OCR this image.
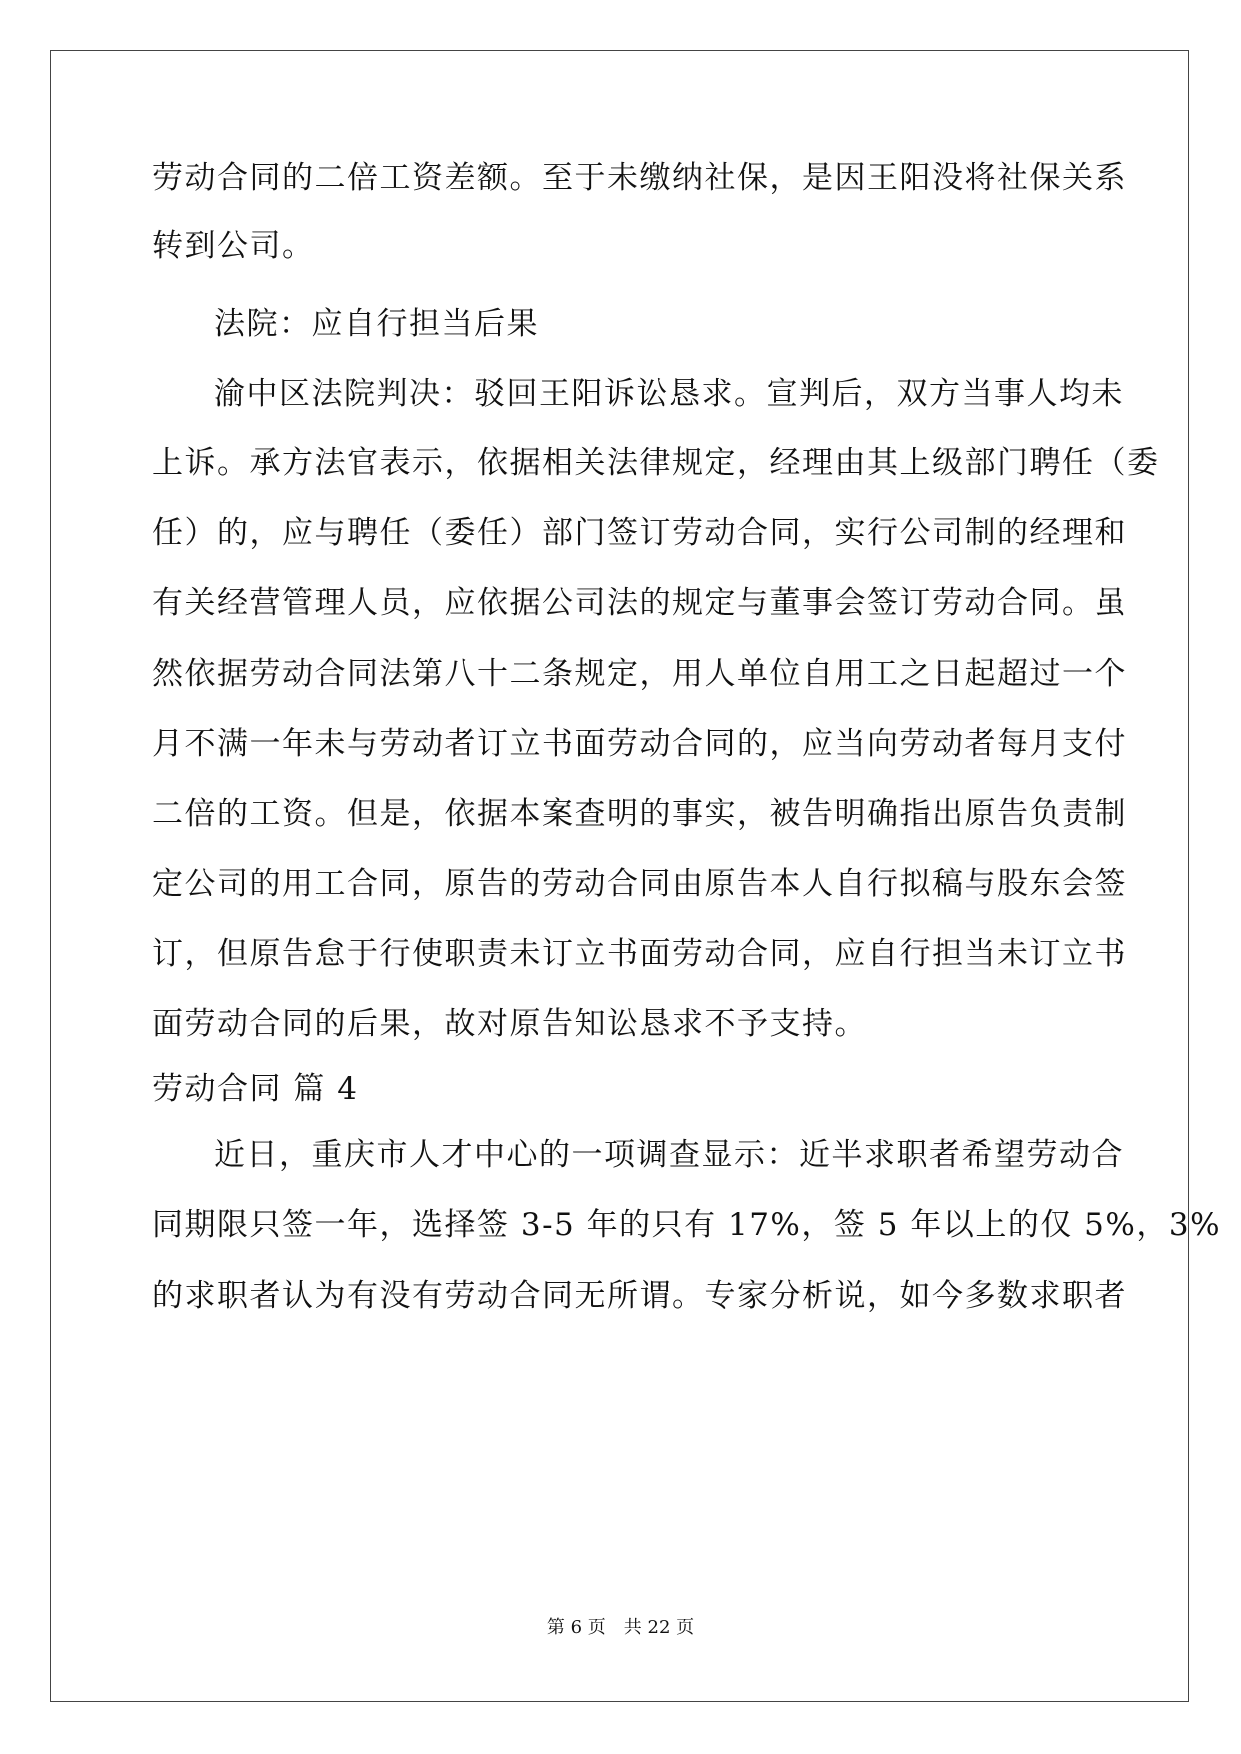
劳动合同的二倍工资差额。至于未缴纳社保，是因王阳没将社保关系
转到公司。
法院：应自行担当后果
渝中区法院判决：驳回王阳诉讼恳求。宣判后，双方当事人均未
上诉。承方法官表示，依据相关法律规定，经理由其上级部门聘任（委
任）的，应与聘任（委任）部门签订劳动合同，实行公司制的经理和
有关经营管理人员，应依据公司法的规定与董事会签订劳动合同。虽
然依据劳动合同法第八十二条规定，用人单位自用工之日起超过一个
月不满一年未与劳动者订立书面劳动合同的，应当向劳动者每月支付
二倍的工资。但是，依据本案查明的事实，被告明确指出原告负责制
定公司的用工合同，原告的劳动合同由原告本人自行拟稿与股东会签
订，但原告怠于行使职责未订立书面劳动合同，应自行担当未订立书
面劳动合同的后果，故对原告知讼恳求不予支持。
劳动合同 篇 4
近日，重庆市人才中心的一项调查显示：近半求职者希望劳动合
同期限只签一年，选择签 3-5 年的只有 17%，签 5 年以上的仅 5%，3%
的求职者认为有没有劳动合同无所谓。专家分析说，如今多数求职者
第 6 页　共 22 页
